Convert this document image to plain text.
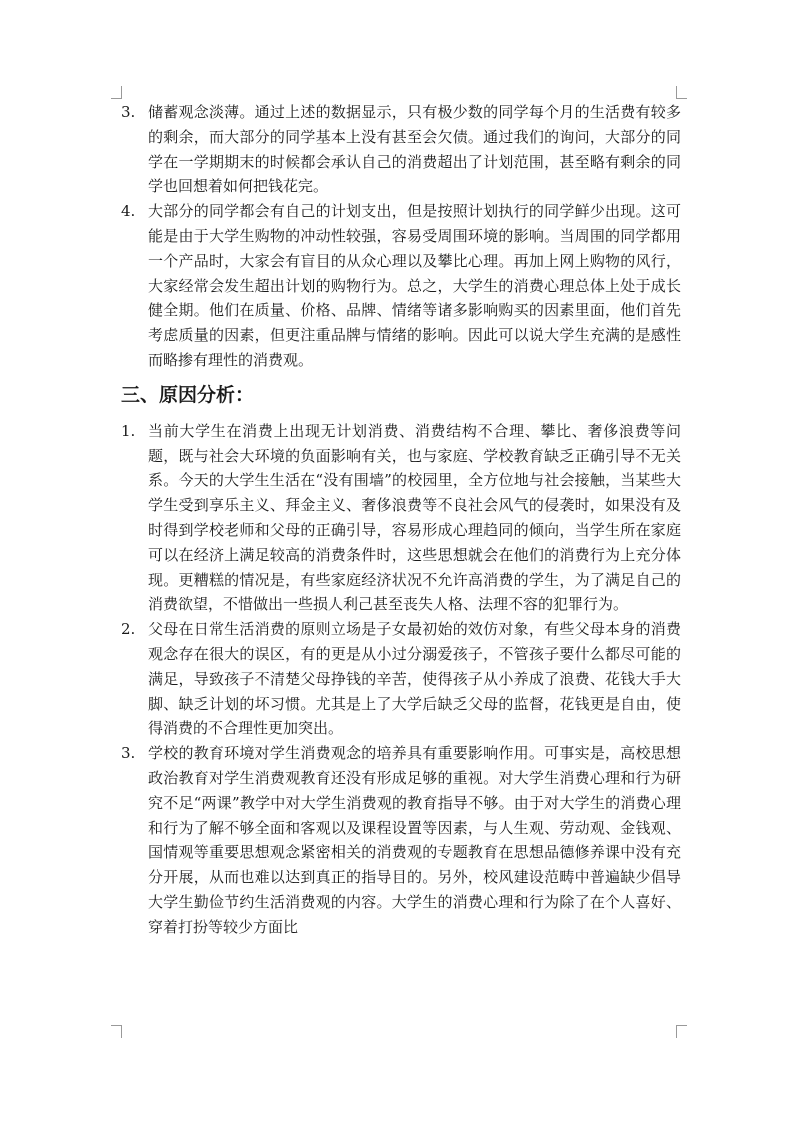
3. 储蓄观念淡薄。通过上述的数据显示，只有极少数的同学每个月的生活费有较多的剩余，而大部分的同学基本上没有甚至会欠债。通过我们的询问，大部分的同学在一学期期末的时候都会承认自己的消费超出了计划范围，甚至略有剩余的同学也回想着如何把钱花完。
4. 大部分的同学都会有自己的计划支出，但是按照计划执行的同学鲜少出现。这可能是由于大学生购物的冲动性较强，容易受周围环境的影响。当周围的同学都用一个产品时，大家会有盲目的从众心理以及攀比心理。再加上网上购物的风行，大家经常会发生超出计划的购物行为。总之，大学生的消费心理总体上处于成长健全期。他们在质量、价格、品牌、情绪等诸多影响购买的因素里面，他们首先考虑质量的因素，但更注重品牌与情绪的影响。因此可以说大学生充满的是感性而略掺有理性的消费观。
三、原因分析：
1. 当前大学生在消费上出现无计划消费、消费结构不合理、攀比、奢侈浪费等问题，既与社会大环境的负面影响有关，也与家庭、学校教育缺乏正确引导不无关系。今天的大学生生活在“没有围墙”的校园里，全方位地与社会接触，当某些大学生受到享乐主义、拜金主义、奢侈浪费等不良社会风气的侵袭时，如果没有及时得到学校老师和父母的正确引导，容易形成心理趋同的倾向，当学生所在家庭可以在经济上满足较高的消费条件时，这些思想就会在他们的消费行为上充分体现。更糟糕的情况是，有些家庭经济状况不允许高消费的学生，为了满足自己的消费欲望，不惜做出一些损人利己甚至丧失人格、法理不容的犯罪行为。
2. 父母在日常生活消费的原则立场是子女最初始的效仿对象，有些父母本身的消费观念存在很大的误区，有的更是从小过分溺爱孩子，不管孩子要什么都尽可能的满足，导致孩子不清楚父母挣钱的辛苦，使得孩子从小养成了浪费、花钱大手大脚、缺乏计划的坏习惯。尤其是上了大学后缺乏父母的监督，花钱更是自由，使得消费的不合理性更加突出。
3. 学校的教育环境对学生消费观念的培养具有重要影响作用。可事实是，高校思想政治教育对学生消费观教育还没有形成足够的重视。对大学生消费心理和行为研究不足“两课”教学中对大学生消费观的教育指导不够。由于对大学生的消费心理和行为了解不够全面和客观以及课程设置等因素，与人生观、劳动观、金钱观、国情观等重要思想观念紧密相关的消费观的专题教育在思想品德修养课中没有充分开展，从而也难以达到真正的指导目的。另外，校风建设范畴中普遍缺少倡导大学生勤俭节约生活消费观的内容。大学生的消费心理和行为除了在个人喜好、穿着打扮等较少方面比
